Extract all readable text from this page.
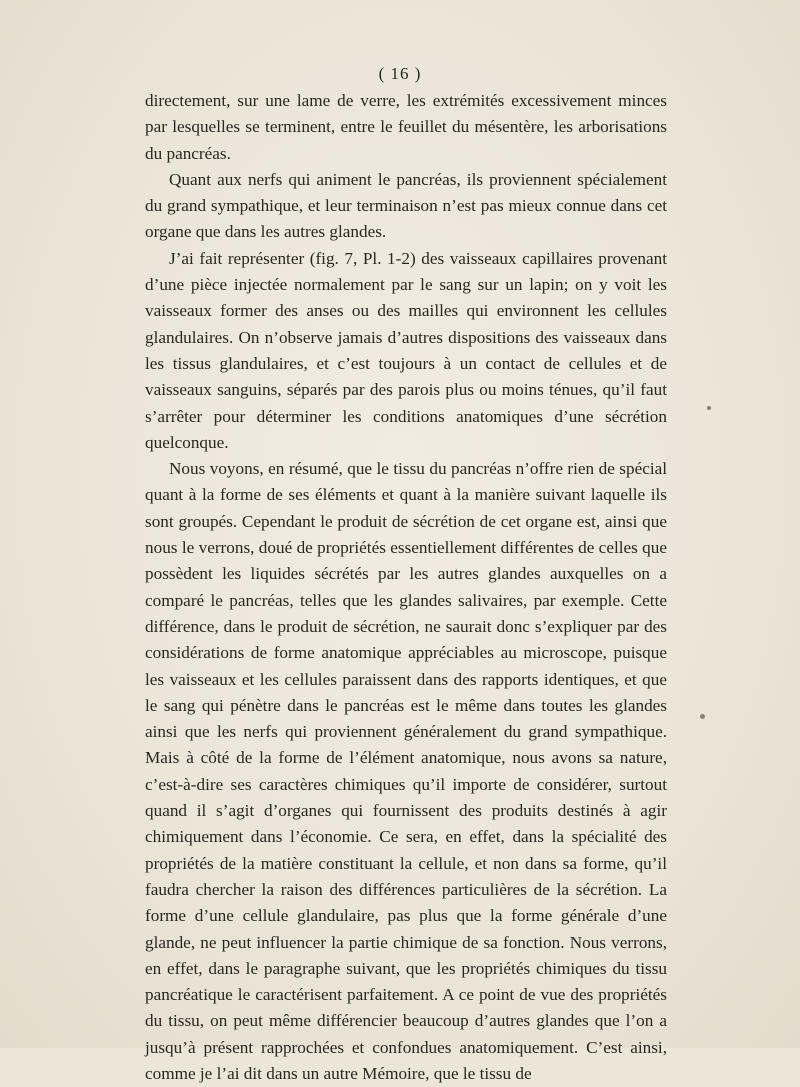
( 16 )

directement, sur une lame de verre, les extrémités excessivement minces par lesquelles se terminent, entre le feuillet du mésentère, les arborisations du pancréas.

Quant aux nerfs qui animent le pancréas, ils proviennent spécialement du grand sympathique, et leur terminaison n’est pas mieux connue dans cet organe que dans les autres glandes.

J’ai fait représenter (fig. 7, Pl. 1-2) des vaisseaux capillaires provenant d’une pièce injectée normalement par le sang sur un lapin; on y voit les vaisseaux former des anses ou des mailles qui environnent les cellules glandulaires. On n’observe jamais d’autres dispositions des vaisseaux dans les tissus glandulaires, et c’est toujours à un contact de cellules et de vaisseaux sanguins, séparés par des parois plus ou moins ténues, qu’il faut s’arrêter pour déterminer les conditions anatomiques d’une sécrétion quelconque.

Nous voyons, en résumé, que le tissu du pancréas n’offre rien de spécial quant à la forme de ses éléments et quant à la manière suivant laquelle ils sont groupés. Cependant le produit de sécrétion de cet organe est, ainsi que nous le verrons, doué de propriétés essentiellement différentes de celles que possèdent les liquides sécrétés par les autres glandes auxquelles on a comparé le pancréas, telles que les glandes salivaires, par exemple. Cette différence, dans le produit de sécrétion, ne saurait donc s’expliquer par des considérations de forme anatomique appréciables au microscope, puisque les vaisseaux et les cellules paraissent dans des rapports identiques, et que le sang qui pénètre dans le pancréas est le même dans toutes les glandes ainsi que les nerfs qui proviennent généralement du grand sympathique. Mais à côté de la forme de l’élément anatomique, nous avons sa nature, c’est-à-dire ses caractères chimiques qu’il importe de considérer, surtout quand il s’agit d’organes qui fournissent des produits destinés à agir chimiquement dans l’économie. Ce sera, en effet, dans la spécialité des propriétés de la matière constituant la cellule, et non dans sa forme, qu’il faudra chercher la raison des différences particulières de la sécrétion. La forme d’une cellule glandulaire, pas plus que la forme générale d’une glande, ne peut influencer la partie chimique de sa fonction. Nous verrons, en effet, dans le paragraphe suivant, que les propriétés chimiques du tissu pancréatique le caractérisent parfaitement. A ce point de vue des propriétés du tissu, on peut même différencier beaucoup d’autres glandes que l’on a jusqu’à présent rapprochées et confondues anatomiquement. C’est ainsi, comme je l’ai dit dans un autre Mémoire, que le tissu de
